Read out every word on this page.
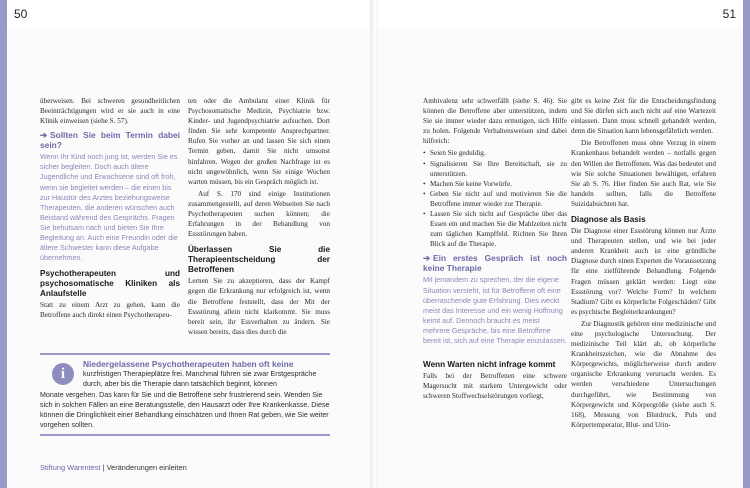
50

überweisen. Bei schweren gesundheitlichen Beeinträchtigungen wird er sie auch in eine Klinik einweisen (siehe S. 57).

➔ Sollten Sie beim Termin dabei sein?
Wenn Ihr Kind noch jung ist, werden Sie es sicher begleiten. Doch auch ältere Jugendliche und Erwachsene sind oft froh, wenn sie begleitet werden – die einen bis zur Haustür des Arztes beziehungsweise Therapeuten, die anderen wünschen auch Beistand während des Gesprächs. Fragen Sie behutsam nach und bieten Sie Ihre Begleitung an. Auch eine Freundin oder die ältere Schwester kann diese Aufgabe übernehmen.
Psychotherapeuten und psychosomatische Kliniken als Anlaufstelle

Statt zu einem Arzt zu gehen, kann die Betroffene auch direkt einen Psychotherapeu-

ten oder die Ambulanz einer Klinik für Psychosomatische Medizin, Psychiatrie bzw. Kinder- und Jugendpsychiatrie aufsuchen. Dort finden Sie sehr kompetente Ansprechpartner. Rufen Sie vorher an und lassen Sie sich einen Termin geben, damit Sie nicht umsonst hinfahren. Wegen der großen Nachfrage ist es nicht ungewöhnlich, wenn Sie einige Wochen warten müssen, bis ein Gespräch möglich ist.

Auf S. 170 sind einige Institutionen zusammengestellt, auf deren Webseiten Sie nach Psychotherapeuten suchen können; die Erfahrungen in der Behandlung von Essstörungen haben.

Überlassen Sie die Therapieentscheidung der Betroffenen

Lernen Sie zu akzeptieren, dass der Kampf gegen die Erkrankung nur erfolgreich ist, wenn die Betroffene feststellt, dass der Mit der Essstörung allein nicht klarkommt. Sie muss bereit sein, ihr Essverhalten zu ändern. Sie wissen bereits, dass dies durch die

i
Niedergelassene Psychotherapeuten haben oft keine
kurzfristigen Therapieplätze frei. Manchmal führen sie zwar Erstgespräche durch, aber bis die Therapie dann tatsächlich beginnt, können

Monate vergehen. Das kann für Sie und die Betroffene sehr frustrierend sein. Wenden Sie sich in solchen Fällen an eine Beratungsstelle, den Hausarzt oder Ihre Krankenkasse. Diese können die Dringlichkeit einer Behandlung einschätzen und Ihnen Rat geben, wie Sie weiter vorgehen sollten.

Stiftung Warentest | Veränderungen einleiten
51

Ambivalenz sehr schwerfällt (siehe S. 46). Sie können die Betroffene aber unterstützen, indem Sie sie immer wieder dazu ermutigen, sich Hilfe zu holen. Folgende Verhaltensweisen sind dabei hilfreich:

• Seien Sie geduldig.
• Signalisieren Sie Ihre Bereitschaft, sie zu unterstützen.
• Machen Sie keine Vorwürfe.
• Geben Sie nicht auf und motivieren Sie die Betroffene immer wieder zur Therapie.
• Lassen Sie sich nicht auf Gespräche über das Essen ein und machen Sie die Mahlzeiten nicht zum täglichen Kampffeld. Richten Sie Ihren Blick auf die Therapie.
➔ Ein erstes Gespräch ist noch keine Therapie
Mit jemandem zu sprechen, der die eigene Situation versteht, ist für Betroffene oft eine überraschende gute Erfahrung. Dies weckt meist das Interesse und ein wenig Hoffnung keimt auf. Dennoch braucht es meist mehrere Gespräche, bis eine Betroffene bereit ist, sich auf eine Therapie einzulassen.
Wenn Warten nicht infrage kommt

Falls bei der Betroffenen eine schwere Magersucht mit starkem Untergewicht oder schweren Stoffwechselstörungen vorliegt,

gibt es keine Zeit für die Entscheidungsfindung und Sie dürfen sich auch nicht auf eine Wartezeit einlassen. Dann muss schnell gehandelt werden, denn die Situation kann lebensgefährlich werden.

Die Betroffenen muss ohne Verzug in einem Krankenhaus behandelt werden – notfalls gegen den Willen der Betroffenen. Was das bedeutet und wie Sie solche Situationen bewältigen, erfahren Sie ab S. 76. Hier finden Sie auch Rat, wie Sie handeln sollten, falls die Betroffene Suizidabsichten hat.

Diagnose als Basis

Die Diagnose einer Essstörung können nur Ärzte und Therapeuten stellen, und wie bei jeder anderen Krankheit auch ist eine gründliche Diagnose durch einen Experten die Voraussetzung für eine zielführende Behandlung. Folgende Fragen müssen geklärt werden: Liegt eine Essstörung vor? Welche Form? In welchem Stadium? Gibt es körperliche Folgeschäden? Gibt es psychische Begleiterkrankungen?

Zur Diagnostik gehören eine medizinische und eine psychologische Untersuchung. Der medizinische Teil klärt ab, ob körperliche Krankheitszeichen, wie die Abnahme des Körpergewichts, möglicherweise durch andere organische Erkrankung verursacht werden. Es werden verschiedene Untersuchungen durchgeführt, wie Bestimmung von Körpergewicht und Körpergröße (siehe auch S. 168), Messung von Blutdruck, Puls und Körpertemperatur, Blut- und Urin-
